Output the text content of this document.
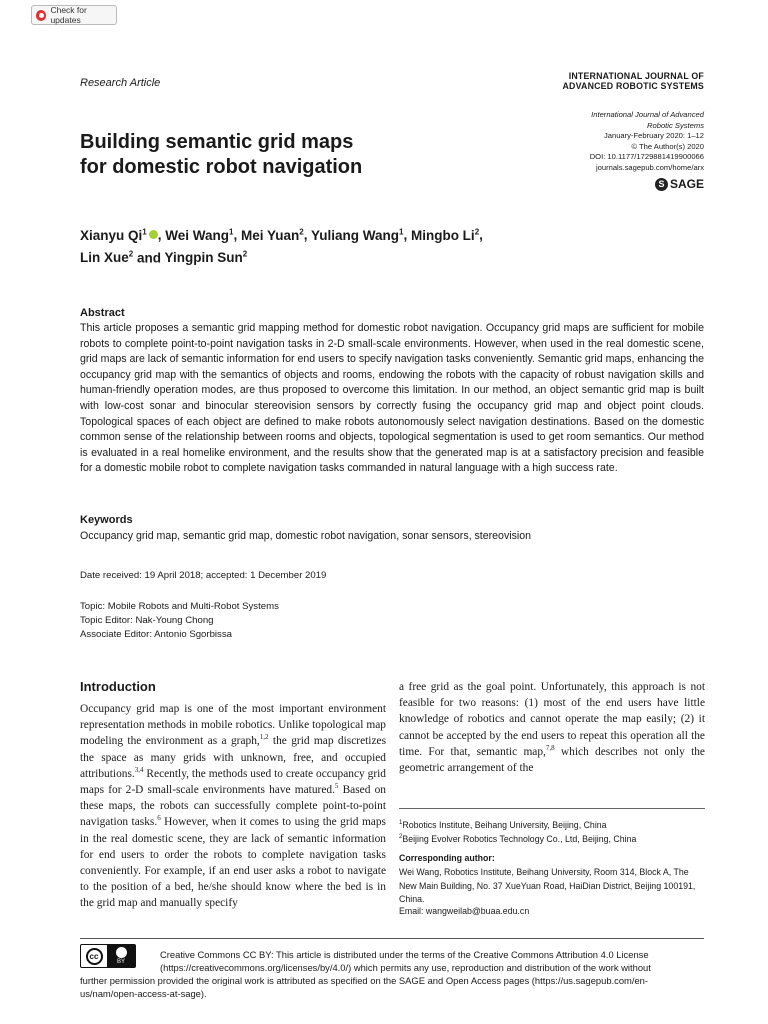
Check for updates
Research Article
INTERNATIONAL JOURNAL OF
ADVANCED ROBOTIC SYSTEMS
International Journal of Advanced
Robotic Systems
January-February 2020: 1–12
© The Author(s) 2020
DOI: 10.1177/1729881419900066
journals.sagepub.com/home/arx
S SAGE
Building semantic grid maps
for domestic robot navigation
Xianyu Qi$^1$ , Wei Wang$^1$, Mei Yuan$^2$, Yuliang Wang$^1$, Mingbo Li$^2$,
Lin Xue$^2$ and Yingpin Sun$^2$
Abstract
This article proposes a semantic grid mapping method for domestic robot navigation. Occupancy grid maps are sufficient for mobile robots to complete point-to-point navigation tasks in 2-D small-scale environments. However, when used in the real domestic scene, grid maps are lack of semantic information for end users to specify navigation tasks conveniently. Semantic grid maps, enhancing the occupancy grid map with the semantics of objects and rooms, endowing the robots with the capacity of robust navigation skills and human-friendly operation modes, are thus proposed to overcome this limitation. In our method, an object semantic grid map is built with low-cost sonar and binocular stereovision sensors by correctly fusing the occupancy grid map and object point clouds. Topological spaces of each object are defined to make robots autonomously select navigation destinations. Based on the domestic common sense of the relationship between rooms and objects, topological segmentation is used to get room semantics. Our method is evaluated in a real homelike environment, and the results show that the generated map is at a satisfactory precision and feasible for a domestic mobile robot to complete navigation tasks commanded in natural language with a high success rate.
Keywords
Occupancy grid map, semantic grid map, domestic robot navigation, sonar sensors, stereovision
Date received: 19 April 2018; accepted: 1 December 2019
Topic: Mobile Robots and Multi-Robot Systems
Topic Editor: Nak-Young Chong
Associate Editor: Antonio Sgorbissa
Introduction
Occupancy grid map is one of the most important environment representation methods in mobile robotics. Unlike topological map modeling the environment as a graph,$^{1,2}$ the grid map discretizes the space as many grids with unknown, free, and occupied attributions.$^{3,4}$ Recently, the methods used to create occupancy grid maps for 2-D small-scale environments have matured.$^5$ Based on these maps, the robots can successfully complete point-to-point navigation tasks.$^6$ However, when it comes to using the grid maps in the real domestic scene, they are lack of semantic information for end users to order the robots to complete navigation tasks conveniently. For example, if an end user asks a robot to navigate to the position of a bed, he/she should know where the bed is in the grid map and manually specify
a free grid as the goal point. Unfortunately, this approach is not feasible for two reasons: (1) most of the end users have little knowledge of robotics and cannot operate the map easily; (2) it cannot be accepted by the end users to repeat this operation all the time. For that, semantic map,$^{7,8}$ which describes not only the geometric arrangement of the
$^1$Robotics Institute, Beihang University, Beijing, China
$^2$Beijing Evolver Robotics Technology Co., Ltd, Beijing, China
Corresponding author:
Wei Wang, Robotics Institute, Beihang University, Room 314, Block A, The New Main Building, No. 37 XueYuan Road, HaiDian District, Beijing 100191, China.
Email: wangweilab@buaa.edu.cn
cc
BY
Creative Commons CC BY: This article is distributed under the terms of the Creative Commons Attribution 4.0 License (https://creativecommons.org/licenses/by/4.0/) which permits any use, reproduction and distribution of the work without
further permission provided the original work is attributed as specified on the SAGE and Open Access pages (https://us.sagepub.com/en-us/nam/open-access-at-sage).
